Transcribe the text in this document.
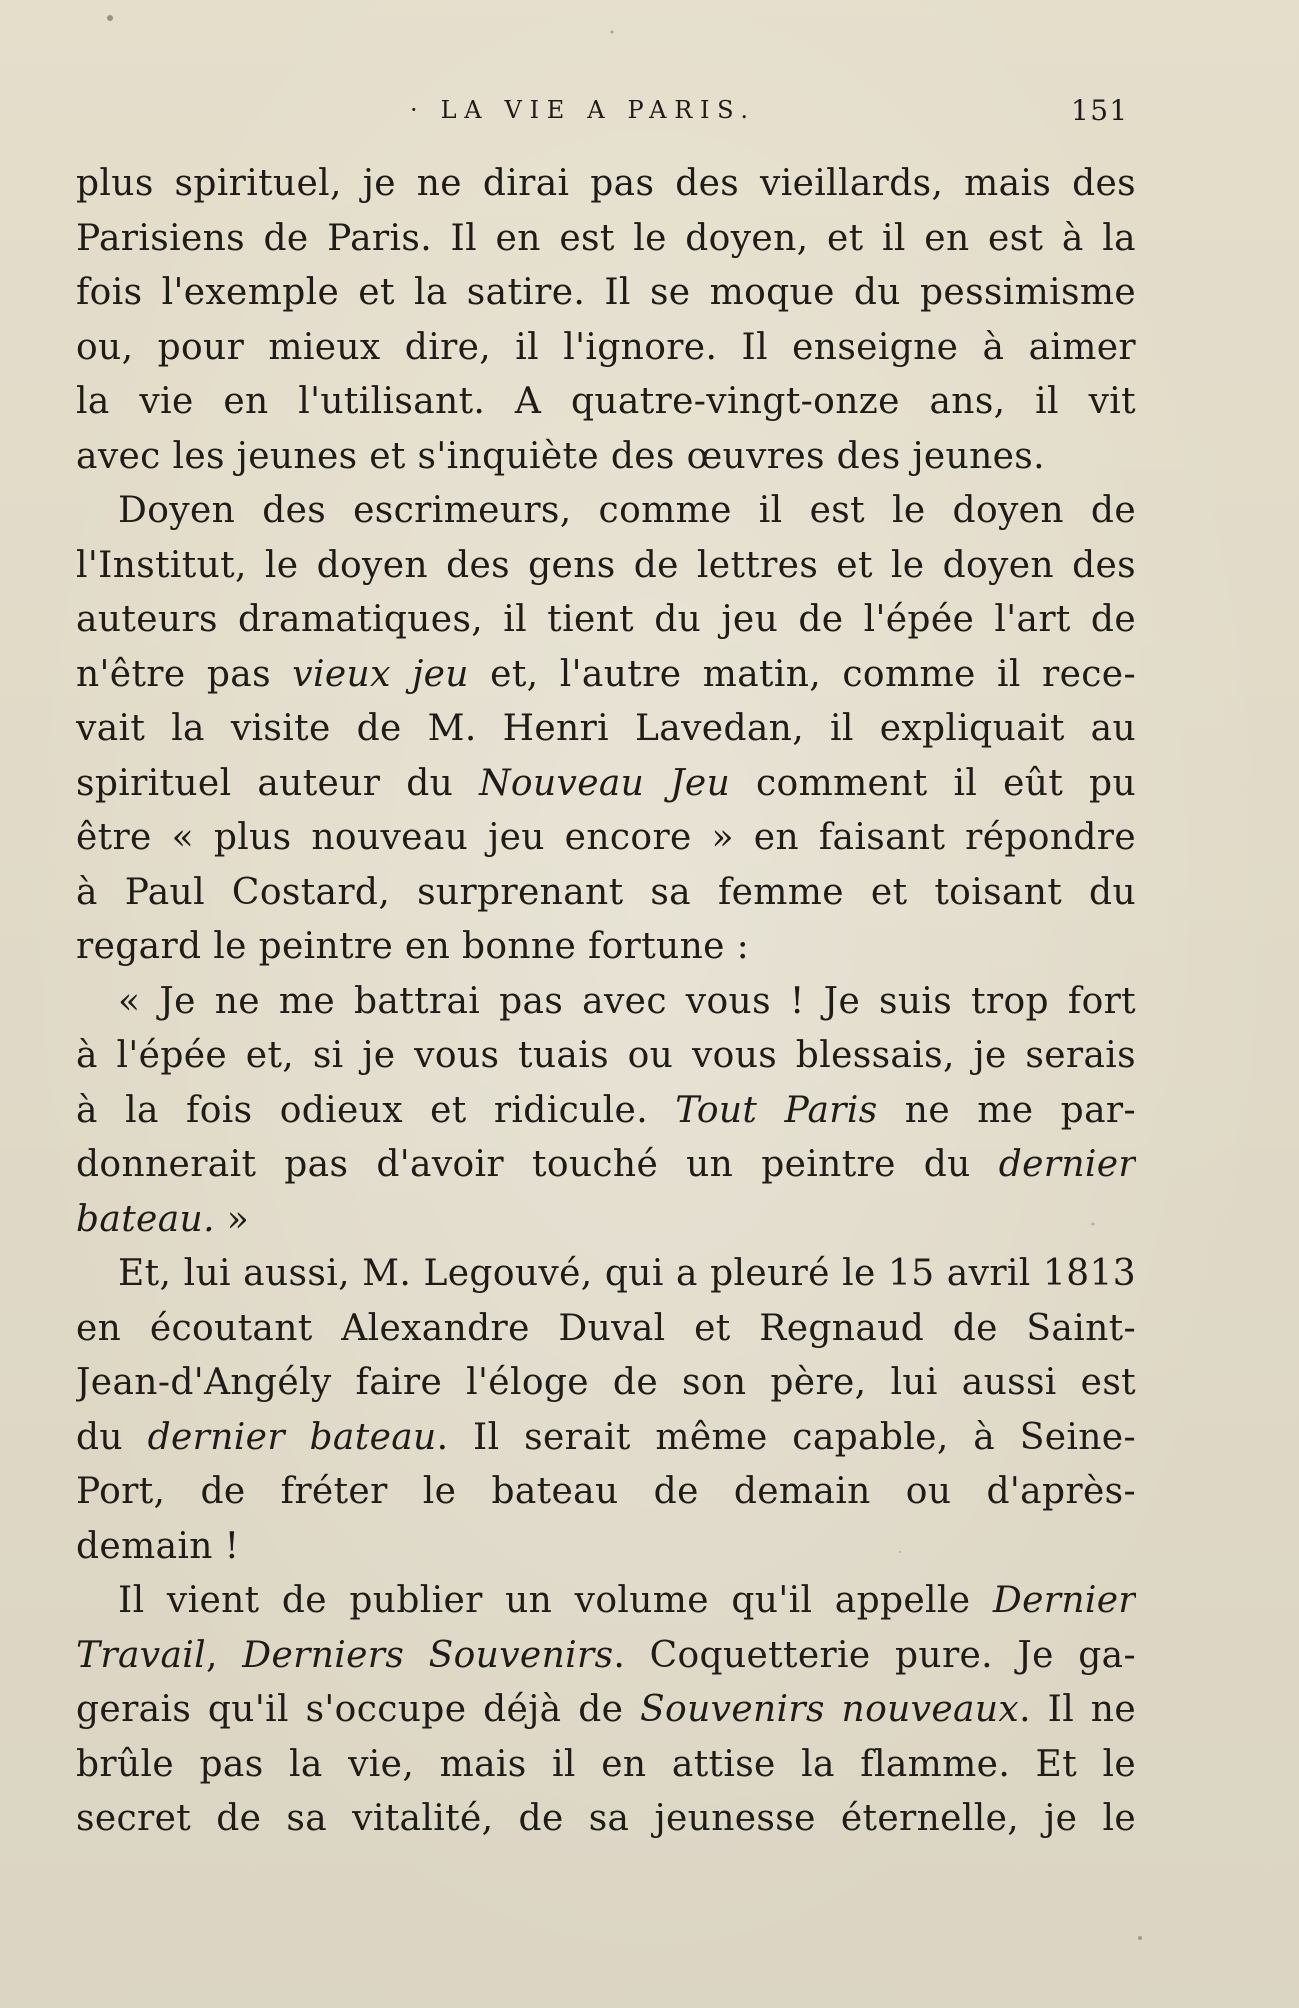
· LA VIE A PARIS.	151
plus spirituel, je ne dirai pas des vieillards, mais des
Parisiens de Paris. Il en est le doyen, et il en est à la
fois l'exemple et la satire. Il se moque du pessimisme
ou, pour mieux dire, il l'ignore. Il enseigne à aimer
la vie en l'utilisant. A quatre-vingt-onze ans, il vit
avec les jeunes et s'inquiète des œuvres des jeunes.
Doyen des escrimeurs, comme il est le doyen de
l'Institut, le doyen des gens de lettres et le doyen des
auteurs dramatiques, il tient du jeu de l'épée l'art de
n'être pas vieux jeu et, l'autre matin, comme il rece-
vait la visite de M. Henri Lavedan, il expliquait au
spirituel auteur du Nouveau Jeu comment il eût pu
être « plus nouveau jeu encore » en faisant répondre
à Paul Costard, surprenant sa femme et toisant du
regard le peintre en bonne fortune :
« Je ne me battrai pas avec vous ! Je suis trop fort
à l'épée et, si je vous tuais ou vous blessais, je serais
à la fois odieux et ridicule. Tout Paris ne me par-
donnerait pas d'avoir touché un peintre du dernier
bateau. »
Et, lui aussi, M. Legouvé, qui a pleuré le 15 avril 1813
en écoutant Alexandre Duval et Regnaud de Saint-
Jean-d'Angély faire l'éloge de son père, lui aussi est
du dernier bateau. Il serait même capable, à Seine-
Port, de fréter le bateau de demain ou d'après-
demain !
Il vient de publier un volume qu'il appelle Dernier
Travail, Derniers Souvenirs. Coquetterie pure. Je ga-
gerais qu'il s'occupe déjà de Souvenirs nouveaux. Il ne
brûle pas la vie, mais il en attise la flamme. Et le
secret de sa vitalité, de sa jeunesse éternelle, je le
